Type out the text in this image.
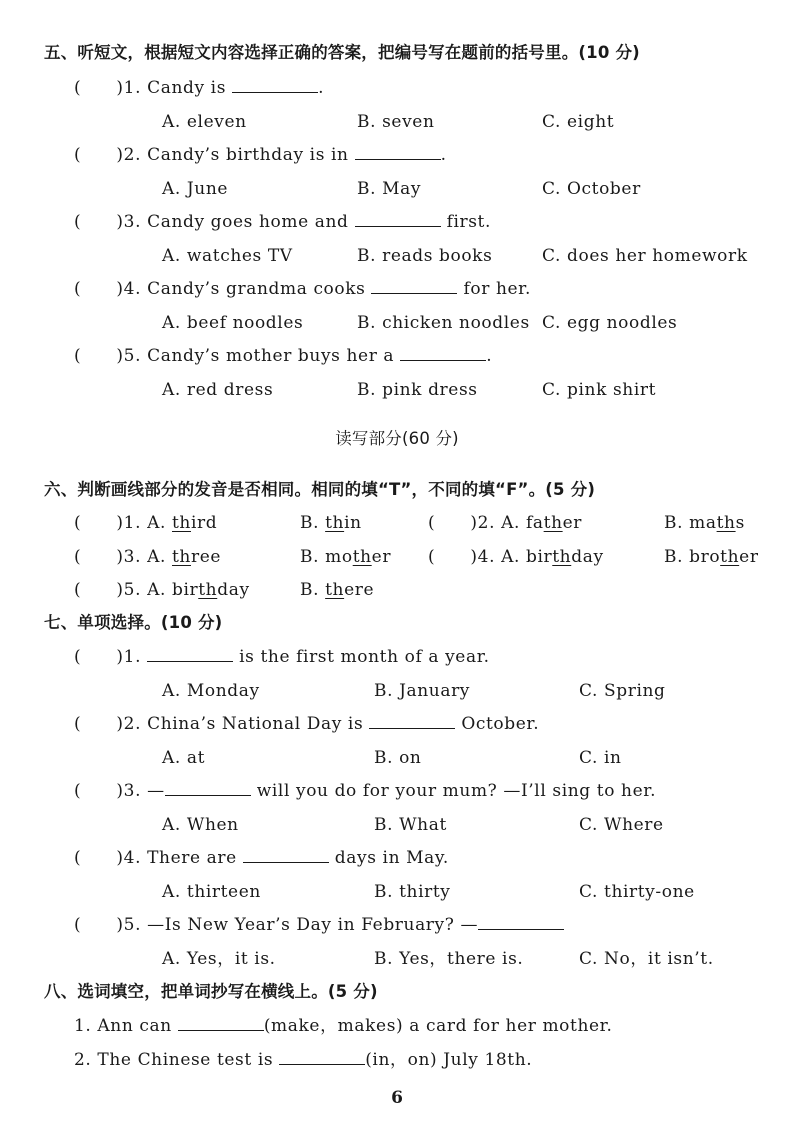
五、听短文，根据短文内容选择正确的答案，把编号写在题前的括号里。(10 分)
(　　)1. Candy is	.
A. eleven	B. seven	C. eight
(　　)2. Candy’s birthday is in	.
A. June	B. May	C. October
(　　)3. Candy goes home and	first.
A. watches TV	B. reads books	C. does her homework
(　　)4. Candy’s grandma cooks	for her.
A. beef noodles	B. chicken noodles C. egg noodles
(　　)5. Candy’s mother buys her a	.
A. red dress	B. pink dress	C. pink shirt
读写部分(60 分)
六、判断画线部分的发音是否相同。相同的填“T”，不同的填“F”。(5 分)
(　　)1. A. third	B. thin	(　　)2. A. father	B. maths
(　　)3. A. three	B. mother (　　)4. A. birthday	B. brother
(　　)5. A. birthday	B. there
七、单项选择。(10 分)
(　　)1.	is the first month of a year.
A. Monday	B. January	C. Spring
(　　)2. China’s National Day is	October.
A. at	B. on	C. in
(　　)3. —	will you do for your mum? —I’ll sing to her.
A. When	B. What	C. Where
(　　)4. There are	days in May.
A. thirteen	B. thirty	C. thirty-one
(　　)5. —Is New Year’s Day in February? —
A. Yes，it is.	B. Yes，there is.	C. No，it isn’t.
八、选词填空，把单词抄写在横线上。(5 分)
1. Ann can	(make，makes) a card for her mother.
2. The Chinese test is	(in，on) July 18th.
6
